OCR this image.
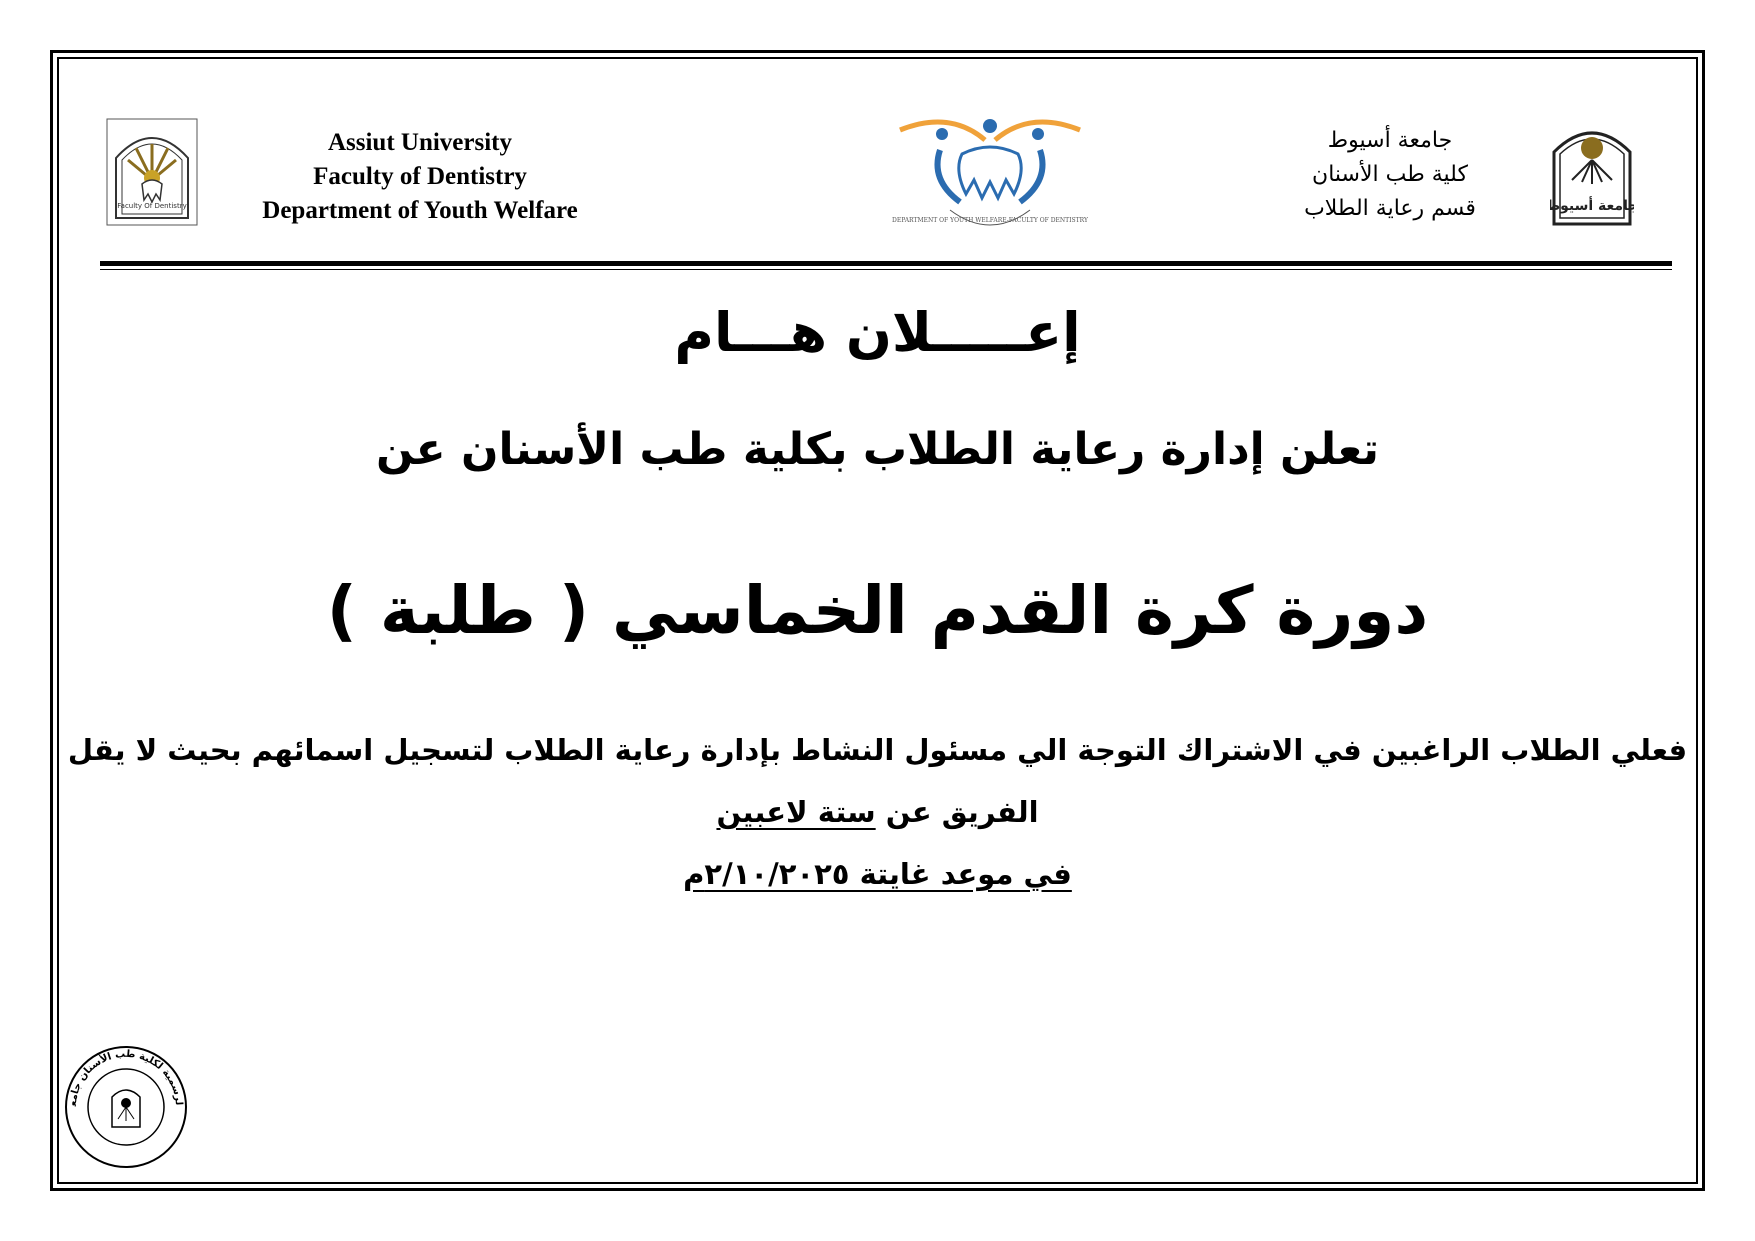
Faculty Of Dentistry
Assiut University
Faculty of Dentistry
Department of Youth Welfare	DEPARTMENT OF YOUTH WELFARE-FACULTY OF DENTISTRY
جامعة أسيوط
كلية طب الأسنان
قسم رعاية الطلاب	جامعة أسيوط
إعـــــلان هـــام
تعلن إدارة رعاية الطلاب بكلية طب الأسنان عن
دورة كرة القدم الخماسي ( طلبة )
فعلي الطلاب الراغبين في الاشتراك التوجة الي مسئول النشاط بإدارة رعاية الطلاب لتسجيل اسمائهم بحيث لا يقل
الفريق عن ستة لاعبين
في موعد غايتة ٢/١٠/٢٠٢٥م
لرسمية لكلية طب الأسنان جامع
